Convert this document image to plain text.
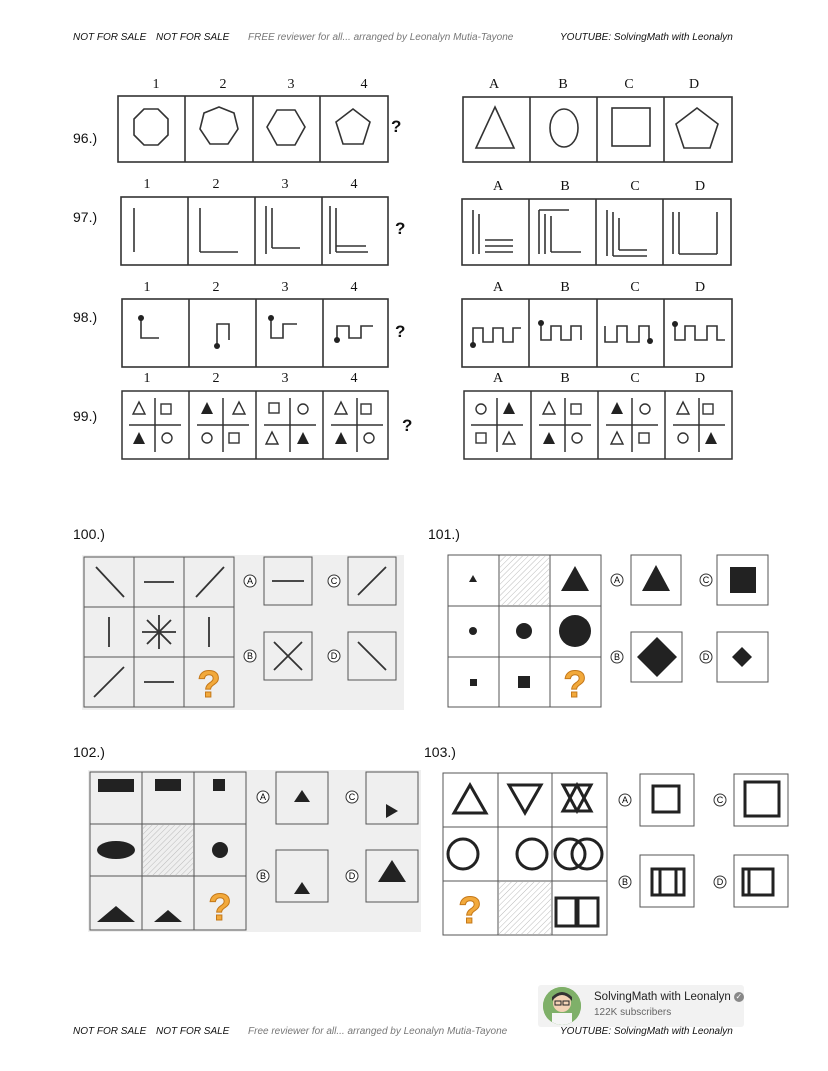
NOT FOR SALE NOT FOR SALE FREE reviewer for all... arranged by Leonalyn Mutia-Tayone	YOUTUBE: SolvingMath with Leonalyn
96.)
97.)
98.)
99.)
100.)	101.)
102.)	103.)
1	2	3	4	A	B	C	D
1	2	3	4	A	B	C	D
1	2	3	4	A	B	C	D
1	2	3	4	A	B	C	D
?
?
?
?
?
A	C
B	D
?
A	C
B	D
?
A	C
B	D
?
A	C
B	D
SolvingMath with Leonalyn ✓
122K subscribers
NOT FOR SALE NOT FOR SALE Free reviewer for all... arranged by Leonalyn Mutia-Tayone	YOUTUBE: SolvingMath with Leonalyn
